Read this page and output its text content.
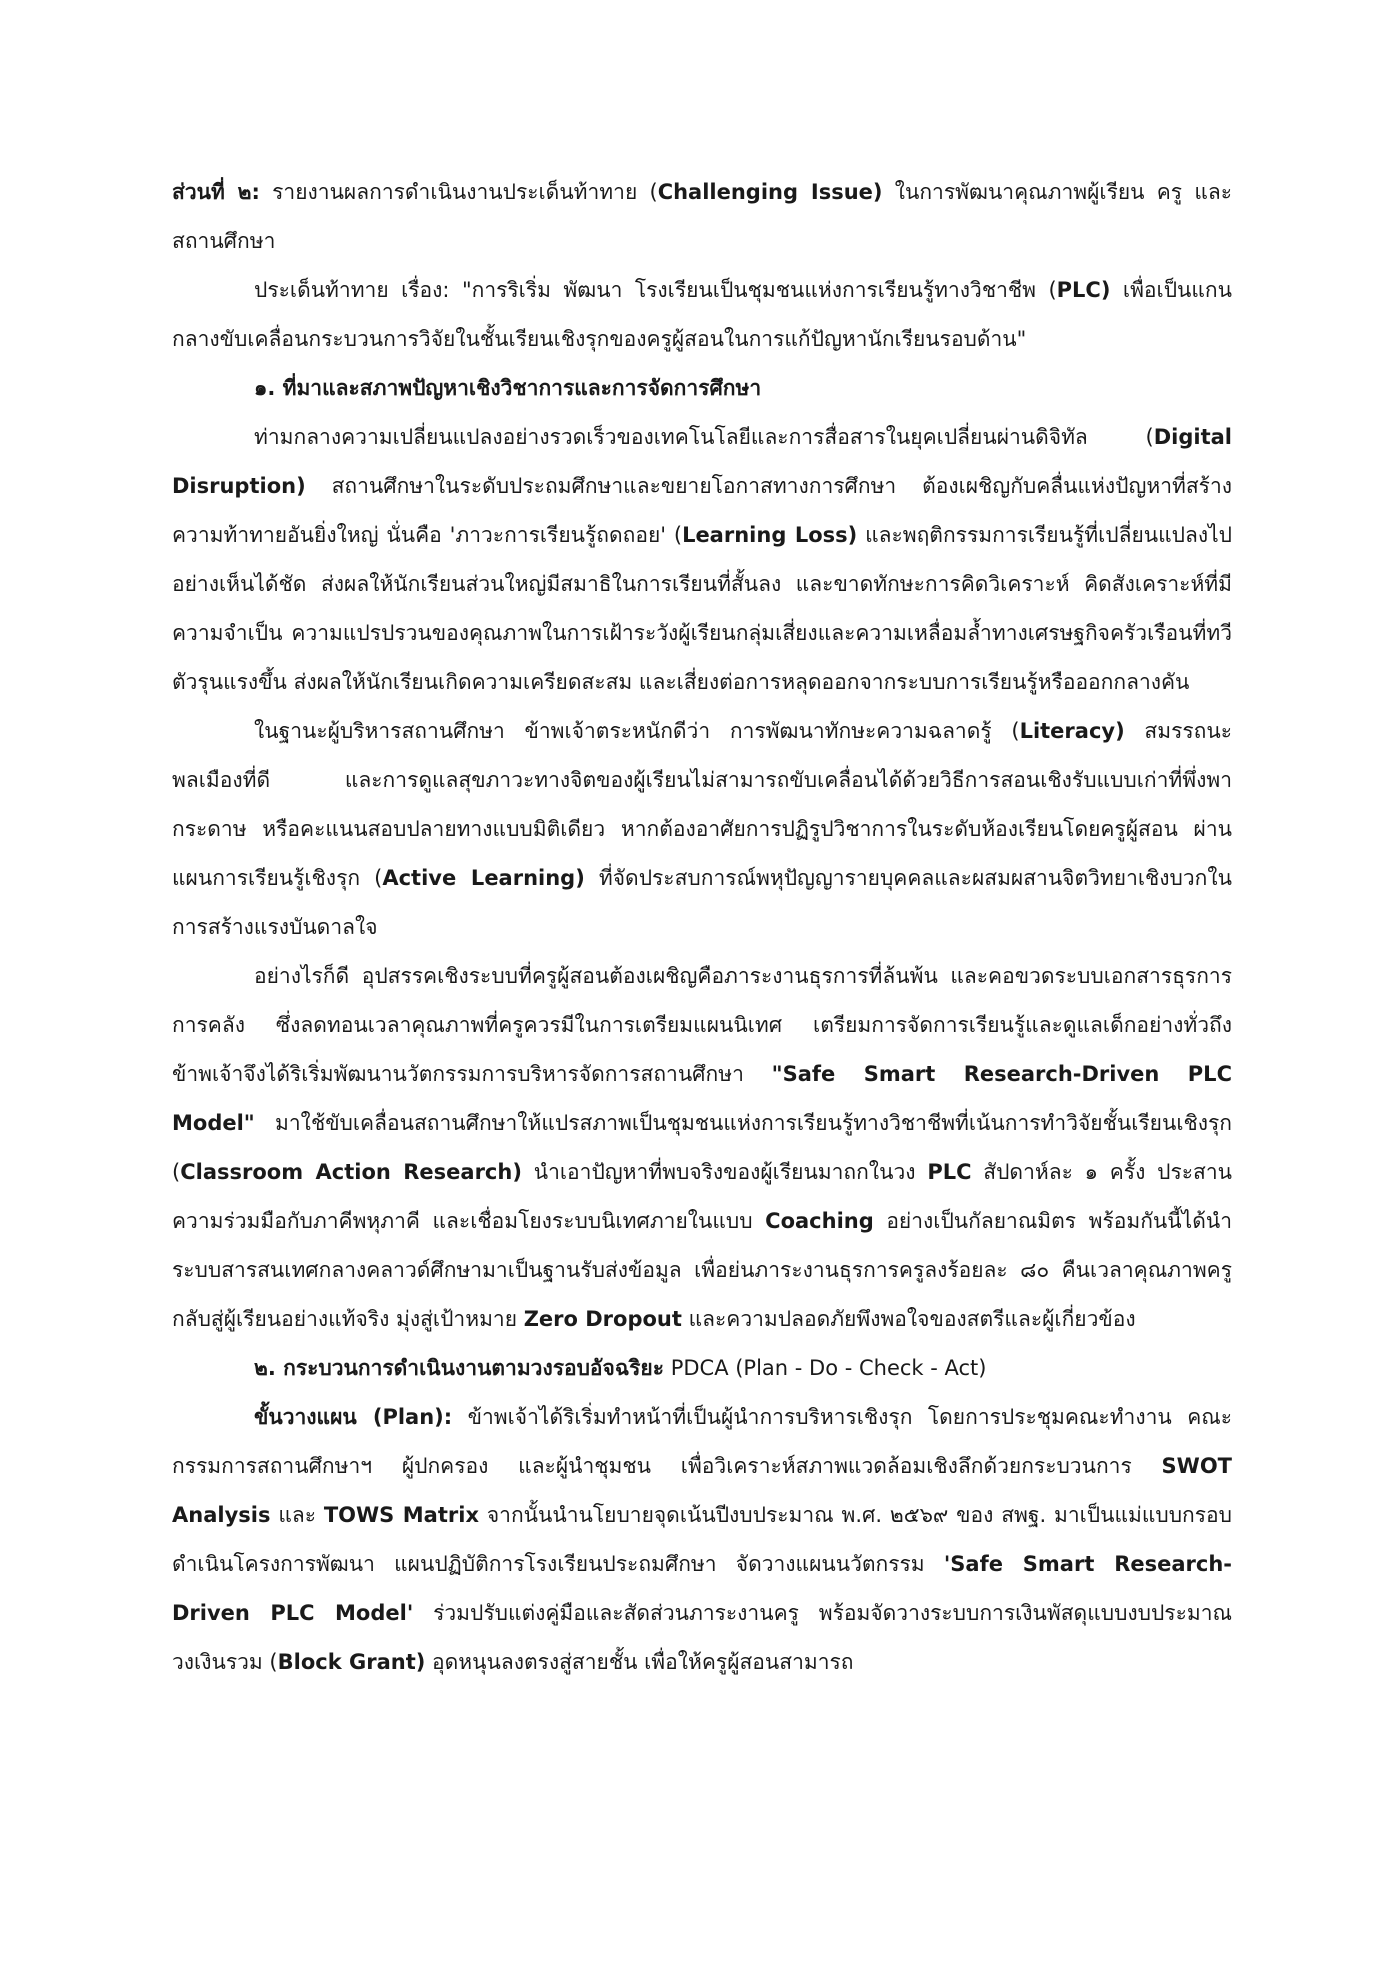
ส่วนที่ ๒: รายงานผลการดำเนินงานประเด็นท้าทาย (Challenging Issue) ในการพัฒนาคุณภาพผู้เรียน ครู และสถานศึกษา

ประเด็นท้าทาย เรื่อง: "การริเริ่ม พัฒนา โรงเรียนเป็นชุมชนแห่งการเรียนรู้ทางวิชาชีพ (PLC) เพื่อเป็นแกนกลางขับเคลื่อนกระบวนการวิจัยในชั้นเรียนเชิงรุกของครูผู้สอนในการแก้ปัญหานักเรียนรอบด้าน"

๑. ที่มาและสภาพปัญหาเชิงวิชาการและการจัดการศึกษา

ท่ามกลางความเปลี่ยนแปลงอย่างรวดเร็วของเทคโนโลยีและการสื่อสารในยุคเปลี่ยนผ่านดิจิทัล (Digital Disruption) สถานศึกษาในระดับประถมศึกษาและขยายโอกาสทางการศึกษา ต้องเผชิญกับคลื่นแห่งปัญหาที่สร้างความท้าทายอันยิ่งใหญ่ นั่นคือ 'ภาวะการเรียนรู้ถดถอย' (Learning Loss) และพฤติกรรมการเรียนรู้ที่เปลี่ยนแปลงไปอย่างเห็นได้ชัด ส่งผลให้นักเรียนส่วนใหญ่มีสมาธิในการเรียนที่สั้นลง และขาดทักษะการคิดวิเคราะห์ คิดสังเคราะห์ที่มีความจำเป็น ความแปรปรวนของคุณภาพในการเฝ้าระวังผู้เรียนกลุ่มเสี่ยงและความเหลื่อมล้ำทางเศรษฐกิจครัวเรือนที่ทวีตัวรุนแรงขึ้น ส่งผลให้นักเรียนเกิดความเครียดสะสม และเสี่ยงต่อการหลุดออกจากระบบการเรียนรู้หรือออกกลางคัน

ในฐานะผู้บริหารสถานศึกษา ข้าพเจ้าตระหนักดีว่า การพัฒนาทักษะความฉลาดรู้ (Literacy) สมรรถนะพลเมืองที่ดี และการดูแลสุขภาวะทางจิตของผู้เรียนไม่สามารถขับเคลื่อนได้ด้วยวิธีการสอนเชิงรับแบบเก่าที่พึ่งพากระดาษ หรือคะแนนสอบปลายทางแบบมิติเดียว หากต้องอาศัยการปฏิรูปวิชาการในระดับห้องเรียนโดยครูผู้สอน ผ่านแผนการเรียนรู้เชิงรุก (Active Learning) ที่จัดประสบการณ์พหุปัญญารายบุคคลและผสมผสานจิตวิทยาเชิงบวกในการสร้างแรงบันดาลใจ

อย่างไรก็ดี อุปสรรคเชิงระบบที่ครูผู้สอนต้องเผชิญคือภาระงานธุรการที่ล้นพ้น และคอขวดระบบเอกสารธุรการการคลัง ซึ่งลดทอนเวลาคุณภาพที่ครูควรมีในการเตรียมแผนนิเทศ เตรียมการจัดการเรียนรู้และดูแลเด็กอย่างทั่วถึง ข้าพเจ้าจึงได้ริเริ่มพัฒนานวัตกรรมการบริหารจัดการสถานศึกษา "Safe Smart Research-Driven PLC Model" มาใช้ขับเคลื่อนสถานศึกษาให้แปรสภาพเป็นชุมชนแห่งการเรียนรู้ทางวิชาชีพที่เน้นการทำวิจัยชั้นเรียนเชิงรุก (Classroom Action Research) นำเอาปัญหาที่พบจริงของผู้เรียนมาถกในวง PLC สัปดาห์ละ ๑ ครั้ง ประสานความร่วมมือกับภาคีพหุภาคี และเชื่อมโยงระบบนิเทศภายในแบบ Coaching อย่างเป็นกัลยาณมิตร พร้อมกันนี้ได้นำระบบสารสนเทศกลางคลาวด์ศึกษามาเป็นฐานรับส่งข้อมูล เพื่อย่นภาระงานธุรการครูลงร้อยละ ๘๐ คืนเวลาคุณภาพครูกลับสู่ผู้เรียนอย่างแท้จริง มุ่งสู่เป้าหมาย Zero Dropout และความปลอดภัยพึงพอใจของสตรีและผู้เกี่ยวข้อง

๒. กระบวนการดำเนินงานตามวงรอบอัจฉริยะ PDCA (Plan - Do - Check - Act)

ขั้นวางแผน (Plan): ข้าพเจ้าได้ริเริ่มทำหน้าที่เป็นผู้นำการบริหารเชิงรุก โดยการประชุมคณะทำงาน คณะกรรมการสถานศึกษาฯ ผู้ปกครอง และผู้นำชุมชน เพื่อวิเคราะห์สภาพแวดล้อมเชิงลึกด้วยกระบวนการ SWOT Analysis และ TOWS Matrix จากนั้นนำนโยบายจุดเน้นปีงบประมาณ พ.ศ. ๒๕๖๙ ของ สพฐ. มาเป็นแม่แบบกรอบดำเนินโครงการพัฒนา แผนปฏิบัติการโรงเรียนประถมศึกษา จัดวางแผนนวัตกรรม 'Safe Smart Research-Driven PLC Model' ร่วมปรับแต่งคู่มือและสัดส่วนภาระงานครู พร้อมจัดวางระบบการเงินพัสดุแบบงบประมาณวงเงินรวม (Block Grant) อุดหนุนลงตรงสู่สายชั้น เพื่อให้ครูผู้สอนสามารถ
